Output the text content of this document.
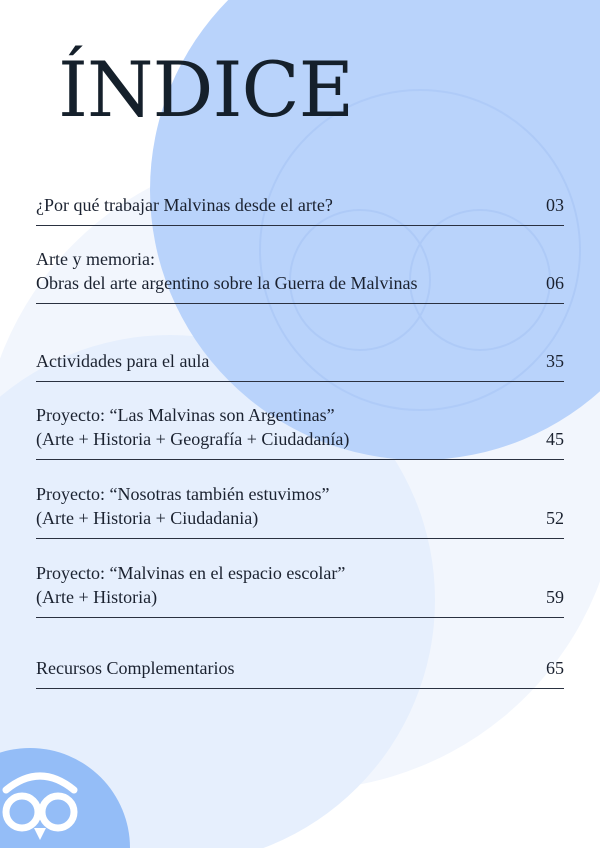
ÍNDICE
¿Por qué trabajar Malvinas desde el arte?	03
Arte y memoria:
Obras del arte argentino sobre la Guerra de Malvinas	06
Actividades para el aula	35
Proyecto: “Las Malvinas son Argentinas”
(Arte + Historia + Geografía + Ciudadanía)	45
Proyecto: “Nosotras también estuvimos”
(Arte + Historia + Ciudadania)	52
Proyecto: “Malvinas en el espacio escolar”
(Arte + Historia)	59
Recursos Complementarios	65
